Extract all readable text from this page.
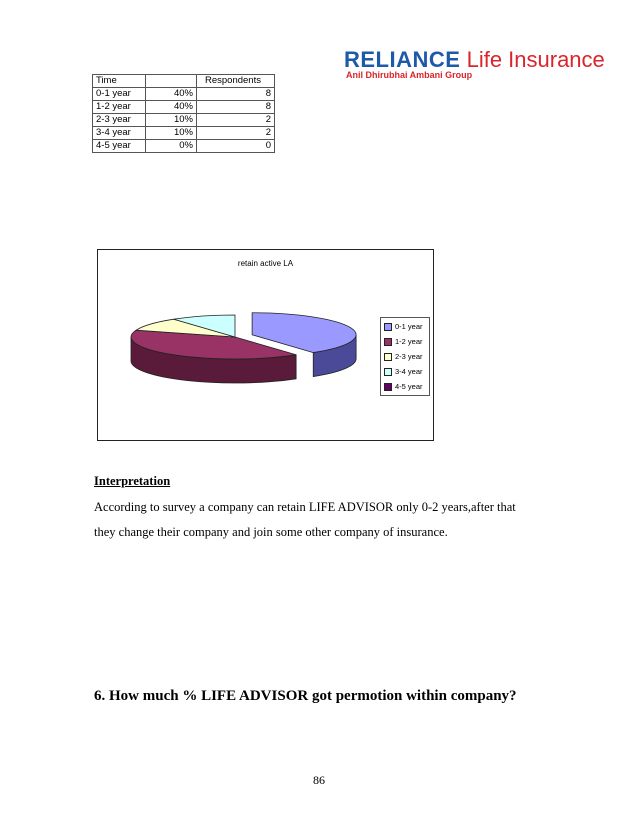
RELIANCE Life Insurance
Anil Dhirubhai Ambani Group
Time		Respondents
0-1 year	40%	8
1-2 year	40%	8
2-3 year	10%	2
3-4 year	10%	2
4-5 year	0%	0
retain active LA
0-1 year
1-2 year
2-3 year
3-4 year
4-5 year
Interpretation
According to survey a company can retain LIFE ADVISOR only 0-2 years,after that
they change their company and join some other company of insurance.
6. How much % LIFE ADVISOR got permotion within company?
86
